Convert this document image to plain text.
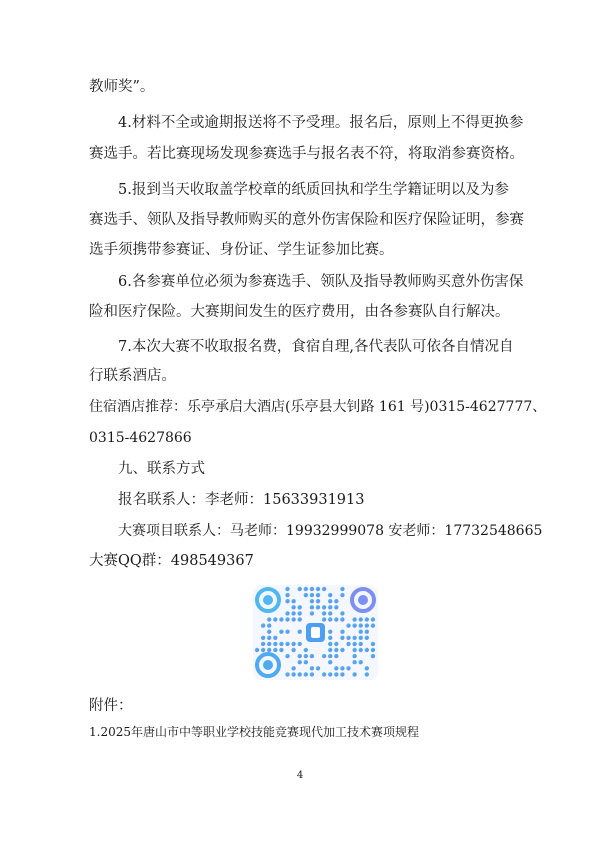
教师奖”。
4.材料不全或逾期报送将不予受理。报名后，原则上不得更换参
赛选手。若比赛现场发现参赛选手与报名表不符，将取消参赛资格。
5.报到当天收取盖学校章的纸质回执和学生学籍证明以及为参
赛选手、领队及指导教师购买的意外伤害保险和医疗保险证明，参赛
选手须携带参赛证、身份证、学生证参加比赛。
6.各参赛单位必须为参赛选手、领队及指导教师购买意外伤害保
险和医疗保险。大赛期间发生的医疗费用，由各参赛队自行解决。
7.本次大赛不收取报名费，食宿自理,各代表队可依各自情况自
行联系酒店。
住宿酒店推荐：乐亭承启大酒店(乐亭县大钊路 161 号)0315-4627777、
0315-4627866
九、联系方式
报名联系人：李老师：15633931913
大赛项目联系人：马老师：19932999078 安老师：17732548665
大赛QQ群：498549367
附件：
1.2025年唐山市中等职业学校技能竞赛现代加工技术赛项规程
4
